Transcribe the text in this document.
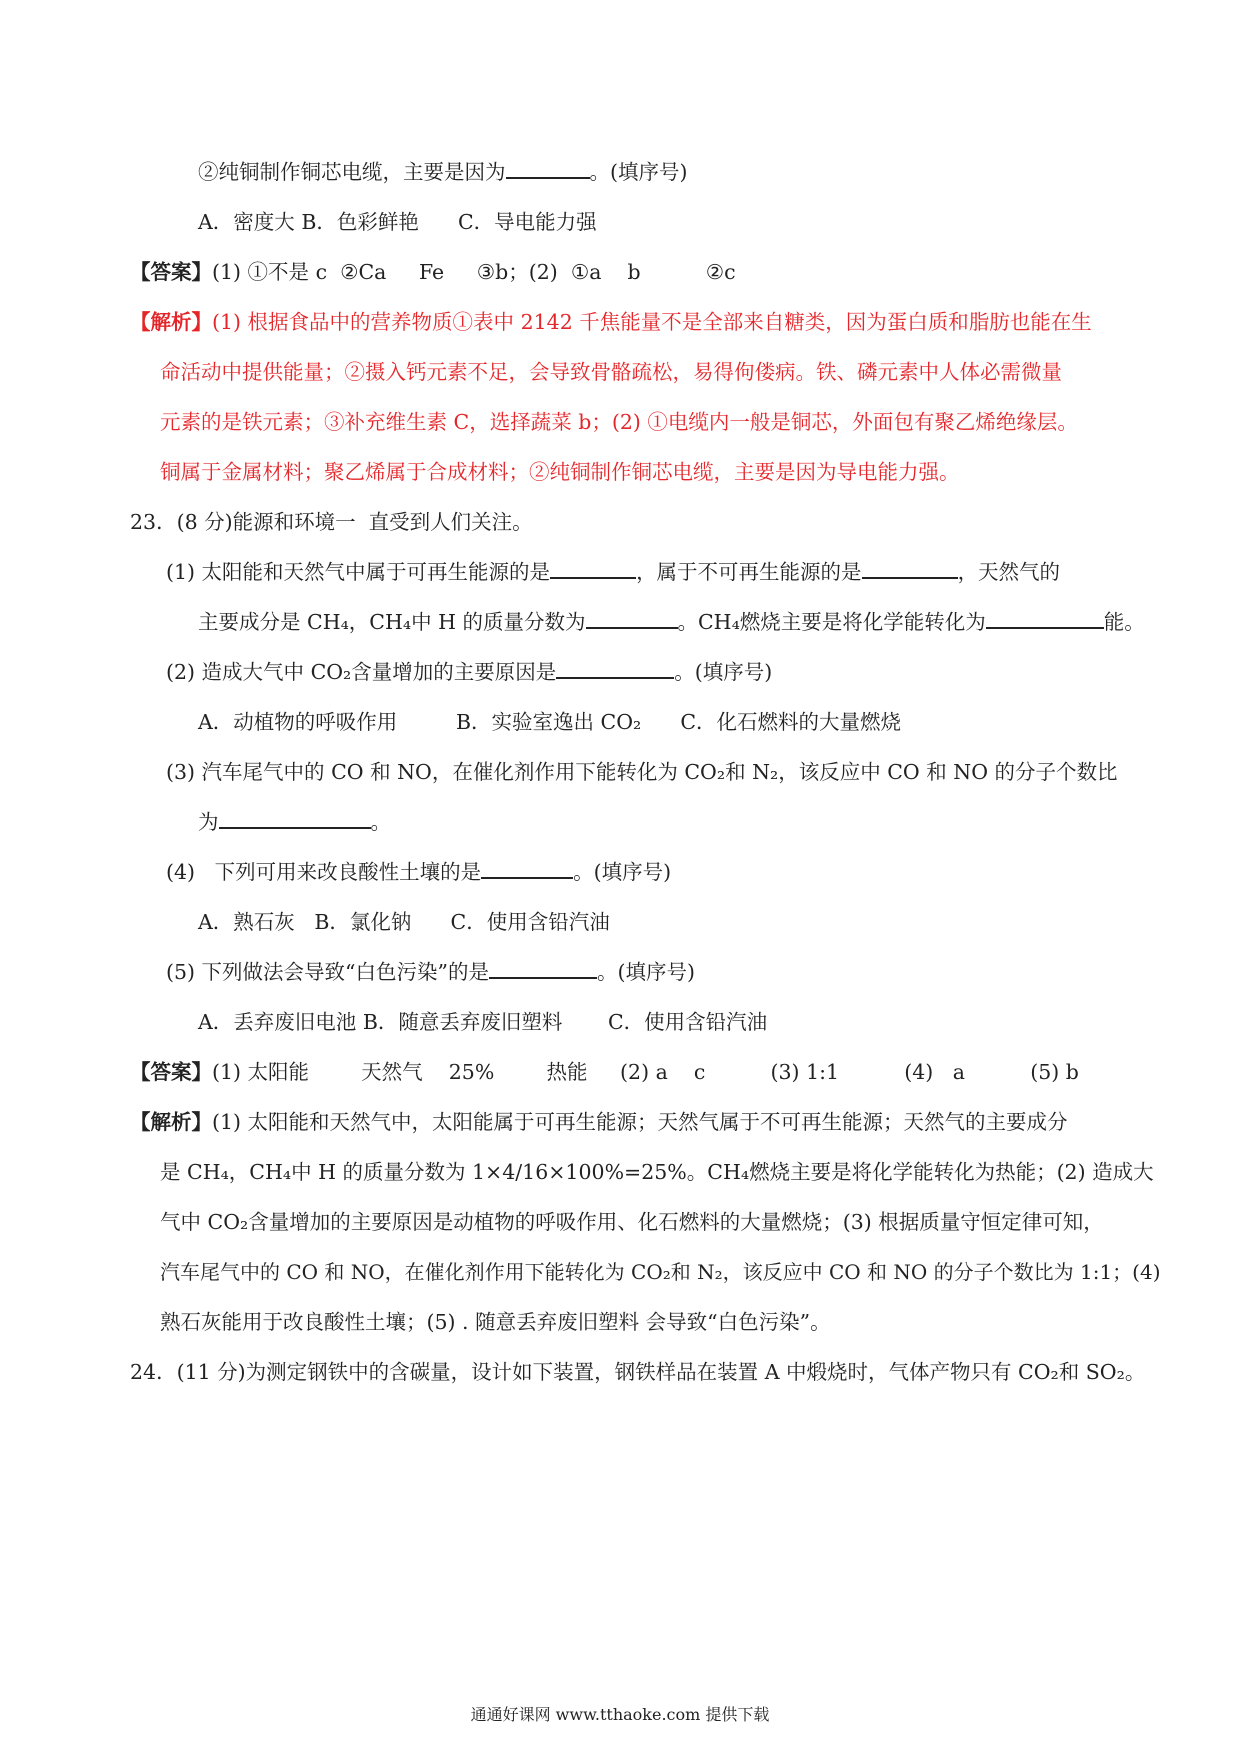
②纯铜制作铜芯电缆，主要是因为	。(填序号)
A．密度大 B．色彩鲜艳      C．导电能力强
【答案】 (1) ①不是 c  ②Ca     Fe     ③b；(2)  ①a    b          ②c
【解析】 (1) 根据食品中的营养物质①表中 2142 千焦能量不是全部来自糖类，因为蛋白质和脂肪也能在生
命活动中提供能量；②摄入钙元素不足，会导致骨骼疏松，易得佝偻病。铁、磷元素中人体必需微量
元素的是铁元素；③补充维生素 C，选择蔬菜 b；(2) ①电缆内一般是铜芯，外面包有聚乙烯绝缘层。
铜属于金属材料；聚乙烯属于合成材料；②纯铜制作铜芯电缆，主要是因为导电能力强。
23．(8 分)能源和环境一  直受到人们关注。
(1) 太阳能和天然气中属于可再生能源的是	，属于不可再生能源的是	，天然气的
主要成分是 CH₄，CH₄中 H 的质量分数为	。CH₄燃烧主要是将化学能转化为	能。
(2) 造成大气中 CO₂含量增加的主要原因是	。(填序号)
A．动植物的呼吸作用         B．实验室逸出 CO₂      C．化石燃料的大量燃烧
(3) 汽车尾气中的 CO 和 NO，在催化剂作用下能转化为 CO₂和 N₂，该反应中 CO 和 NO 的分子个数比
为	。
(4)   下列可用来改良酸性土壤的是	。(填序号)
A．熟石灰   B．氯化钠      C．使用含铅汽油
(5) 下列做法会导致“白色污染”的是	。(填序号)
A．丢弃废旧电池 B．随意丢弃废旧塑料       C．使用含铅汽油
【答案】 (1) 太阳能        天然气    25%        热能     (2) a    c          (3) 1:1          (4)   a          (5) b
【解析】 (1) 太阳能和天然气中，太阳能属于可再生能源；天然气属于不可再生能源；天然气的主要成分
是 CH₄，CH₄中 H 的质量分数为 1×4/16×100%=25%。CH₄燃烧主要是将化学能转化为热能；(2) 造成大
气中 CO₂含量增加的主要原因是动植物的呼吸作用、化石燃料的大量燃烧；(3) 根据质量守恒定律可知，
汽车尾气中的 CO 和 NO，在催化剂作用下能转化为 CO₂和 N₂，该反应中 CO 和 NO 的分子个数比为 1:1；(4)
熟石灰能用于改良酸性土壤；(5) . 随意丢弃废旧塑料 会导致“白色污染”。
24．(11 分)为测定钢铁中的含碳量，设计如下装置，钢铁样品在装置 A 中煅烧时，气体产物只有 CO₂和 SO₂。
通通好课网 www.tthaoke.com 提供下载
